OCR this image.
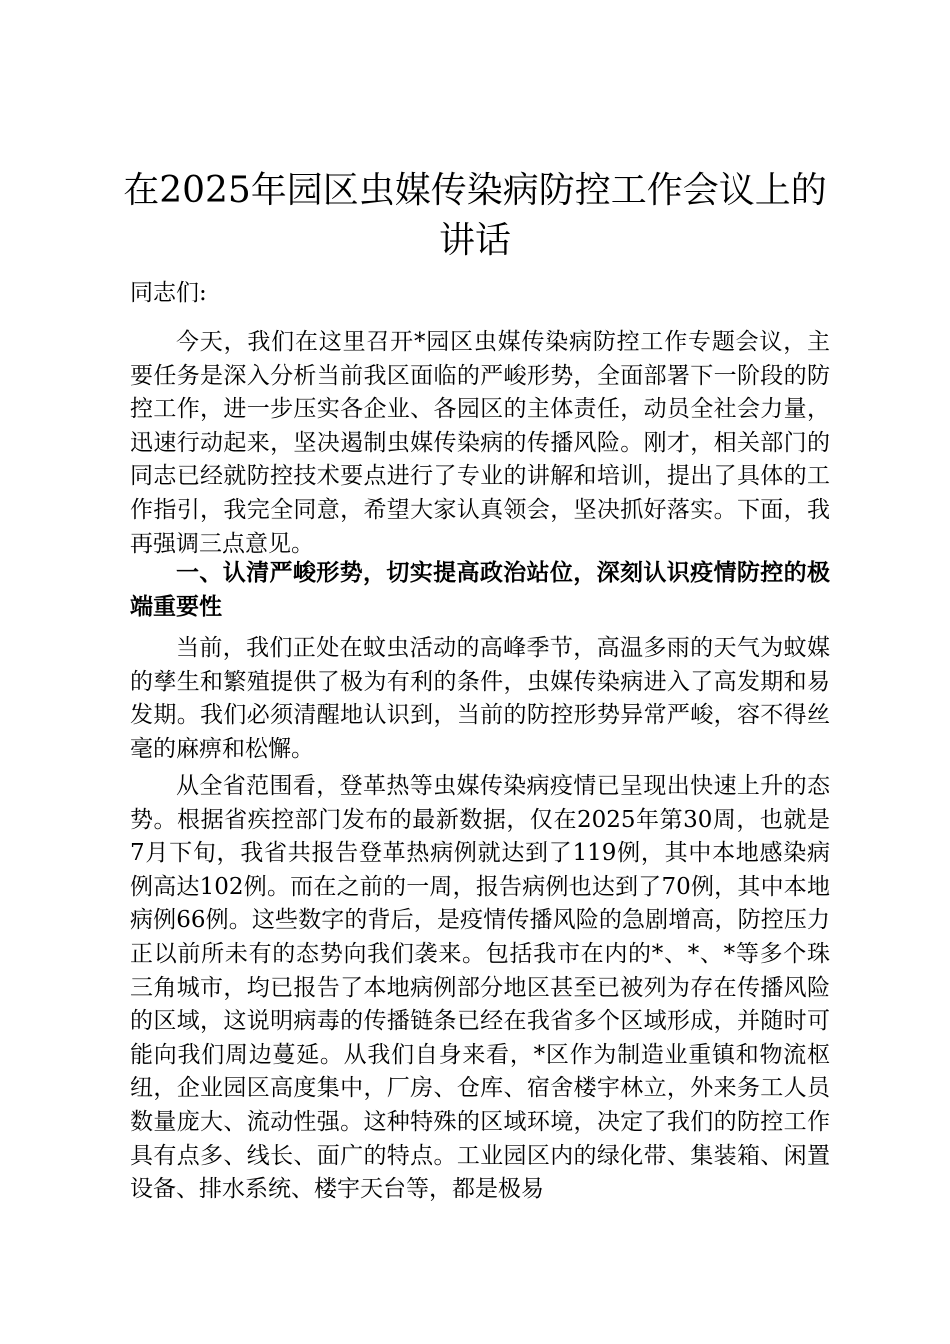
在2025年园区虫媒传染病防控工作会议上的讲话

同志们:

今天，我们在这里召开*园区虫媒传染病防控工作专题会议，主要任务是深入分析当前我区面临的严峻形势，全面部署下一阶段的防控工作，进一步压实各企业、各园区的主体责任，动员全社会力量，迅速行动起来，坚决遏制虫媒传染病的传播风险。刚才，相关部门的同志已经就防控技术要点进行了专业的讲解和培训，提出了具体的工作指引，我完全同意，希望大家认真领会，坚决抓好落实。下面，我再强调三点意见。

一、认清严峻形势，切实提高政治站位，深刻认识疫情防控的极端重要性

当前，我们正处在蚊虫活动的高峰季节，高温多雨的天气为蚊媒的孳生和繁殖提供了极为有利的条件，虫媒传染病进入了高发期和易发期。我们必须清醒地认识到，当前的防控形势异常严峻，容不得丝毫的麻痹和松懈。

从全省范围看，登革热等虫媒传染病疫情已呈现出快速上升的态势。根据省疾控部门发布的最新数据，仅在2025年第30周，也就是7月下旬，我省共报告登革热病例就达到了119例，其中本地感染病例高达102例。而在之前的一周，报告病例也达到了70例，其中本地病例66例。这些数字的背后，是疫情传播风险的急剧增高，防控压力正以前所未有的态势向我们袭来。包括我市在内的*、*、*等多个珠三角城市，均已报告了本地病例部分地区甚至已被列为存在传播风险的区域，这说明病毒的传播链条已经在我省多个区域形成，并随时可能向我们周边蔓延。从我们自身来看，*区作为制造业重镇和物流枢纽，企业园区高度集中，厂房、仓库、宿舍楼宇林立，外来务工人员数量庞大、流动性强。这种特殊的区域环境，决定了我们的防控工作具有点多、线长、面广的特点。工业园区内的绿化带、集装箱、闲置设备、排水系统、楼宇天台等，都是极易
